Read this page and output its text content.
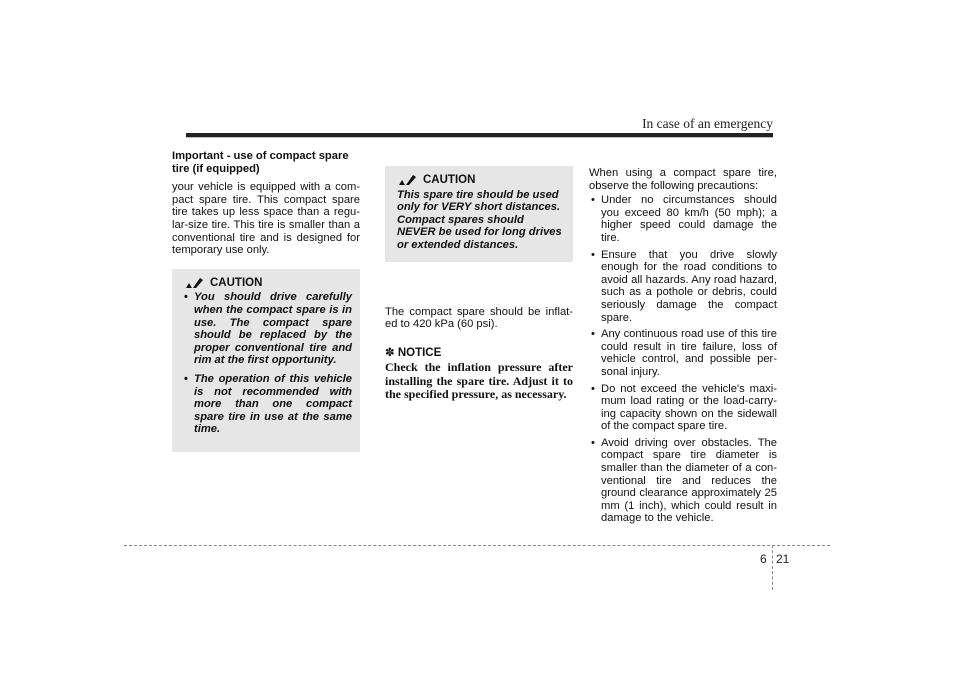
In case of an emergency
Important - use of compact spare tire (if equipped)

your vehicle is equipped with a com-pact spare tire. This compact spare tire takes up less space than a regu-lar-size tire. This tire is smaller than a conventional tire and is designed for temporary use only.

CAUTION
• You should drive carefully when the compact spare is in use. The compact spare should be replaced by the proper conventional tire and rim at the first opportunity.
• The operation of this vehicle is not recommended with more than one compact spare tire in use at the same time.
CAUTION
This spare tire should be used only for VERY short distances. Compact spares should NEVER be used for long drives or extended distances.

The compact spare should be inflat-ed to 420 kPa (60 psi).

✽ NOTICE
Check the inflation pressure after installing the spare tire. Adjust it to the specified pressure, as necessary.

When using a compact spare tire, observe the following precautions:

• Under no circumstances should you exceed 80 km/h (50 mph); a higher speed could damage the tire.
• Ensure that you drive slowly enough for the road conditions to avoid all hazards. Any road hazard, such as a pothole or debris, could seriously damage the compact spare.
• Any continuous road use of this tire could result in tire failure, loss of vehicle control, and possible per-sonal injury.
• Do not exceed the vehicle's maxi-mum load rating or the load-carry-ing capacity shown on the sidewall of the compact spare tire.
• Avoid driving over obstacles. The compact spare tire diameter is smaller than the diameter of a con-ventional tire and reduces the ground clearance approximately 25 mm (1 inch), which could result in damage to the vehicle.
6 21
